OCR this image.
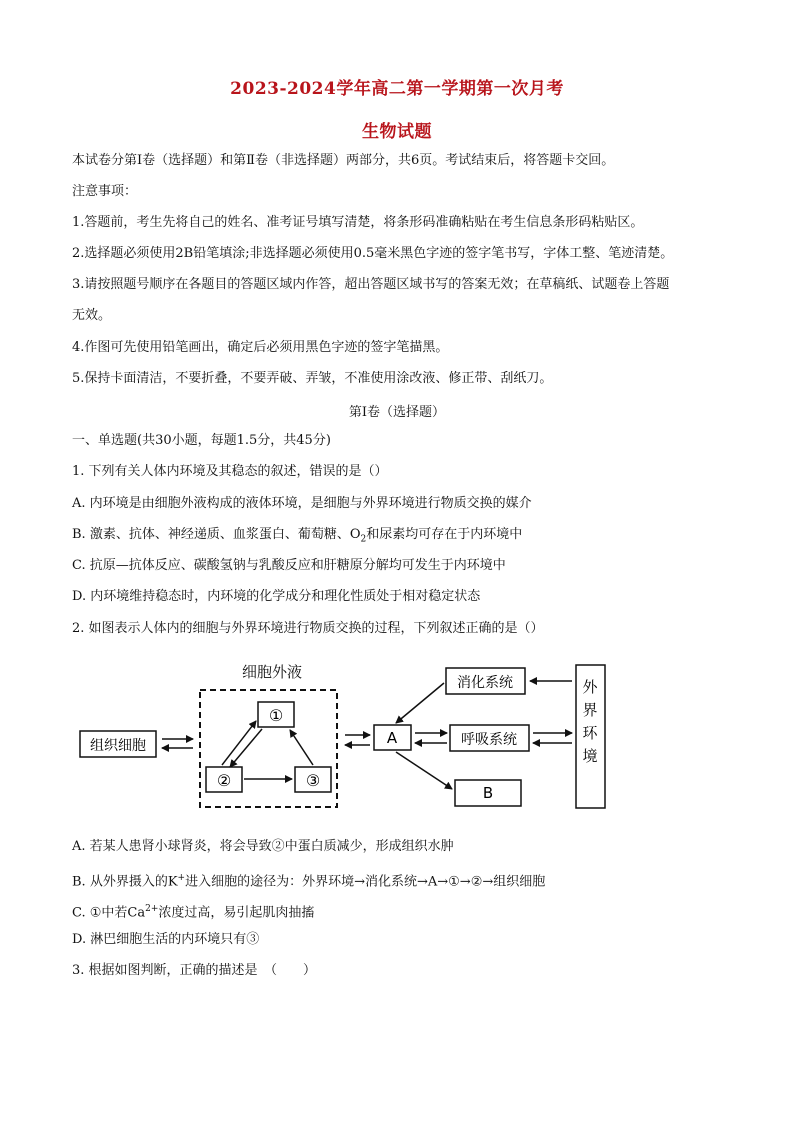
2023-2024学年高二第一学期第一次月考
生物试题
本试卷分第Ⅰ卷（选择题）和第Ⅱ卷（非选择题）两部分，共6页。考试结束后，将答题卡交回。
注意事项：
1.答题前，考生先将自己的姓名、准考证号填写清楚，将条形码准确粘贴在考生信息条形码粘贴区。
2.选择题必须使用2B铅笔填涂;非选择题必须使用0.5毫米黑色字迹的签字笔书写，字体工整、笔迹清楚。
3.请按照题号顺序在各题目的答题区域内作答，超出答题区域书写的答案无效；在草稿纸、试题卷上答题
无效。
4.作图可先使用铅笔画出，确定后必须用黑色字迹的签字笔描黑。
5.保持卡面清洁，不要折叠，不要弄破、弄皱，不准使用涂改液、修正带、刮纸刀。
第Ⅰ卷（选择题）
一、单选题(共30小题，每题1.5分，共45分)
1. 下列有关人体内环境及其稳态的叙述，错误的是（）
A. 内环境是由细胞外液构成的液体环境，是细胞与外界环境进行物质交换的媒介
B. 激素、抗体、神经递质、血浆蛋白、葡萄糖、$O_2$和尿素均可存在于内环境中
C. 抗原—抗体反应、碳酸氢钠与乳酸反应和肝糖原分解均可发生于内环境中
D. 内环境维持稳态时，内环境的化学成分和理化性质处于相对稳定状态
2. 如图表示人体内的细胞与外界环境进行物质交换的过程，下列叙述正确的是（）
细胞外液
组织细胞
①
②	③
A
消化系统
呼吸系统
B
外
界
环
境
A. 若某人患肾小球肾炎，将会导致②中蛋白质减少，形成组织水肿
B. 从外界摄入的K+进入细胞的途径为：外界环境→消化系统→A→①→②→组织细胞
C. ①中若$Ca^{2+}$浓度过高，易引起肌肉抽搐
D. 淋巴细胞生活的内环境只有③
3. 根据如图判断，正确的描述是　（　　）
